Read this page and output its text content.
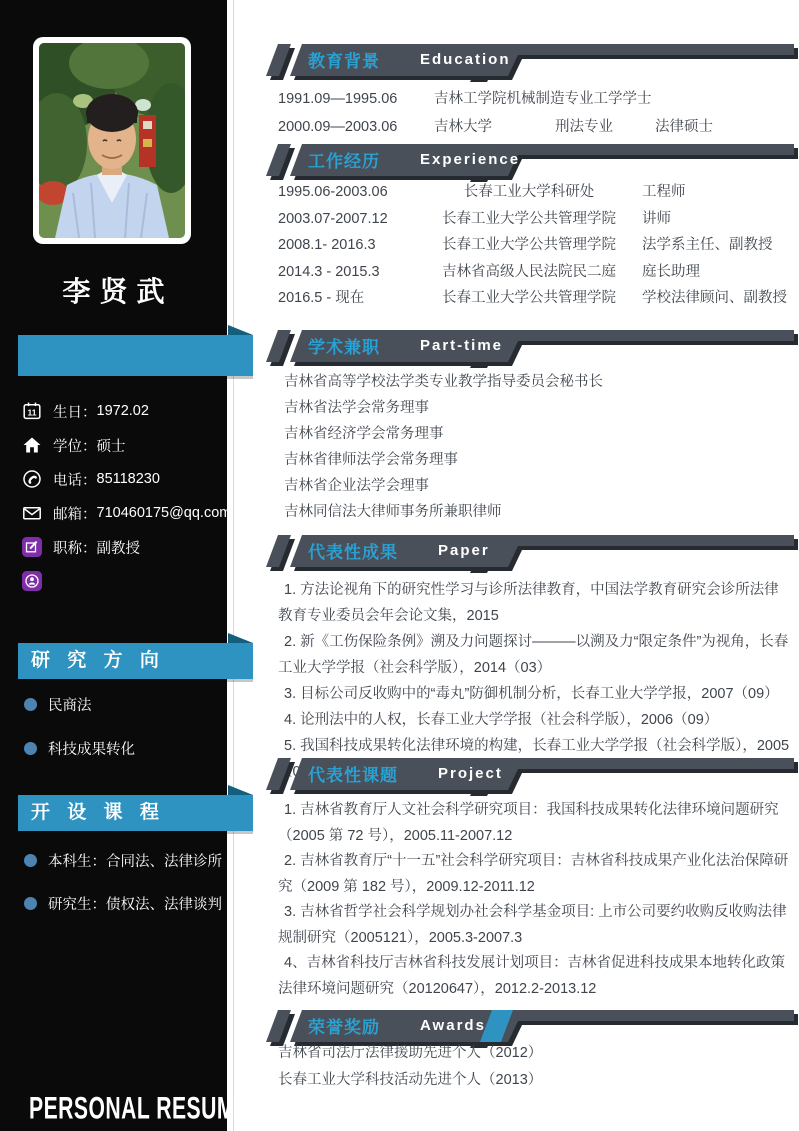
李贤武
11 生日： 1972.02
学位： 硕士
电话： 85118230
邮箱： 710460175@qq.com
职称： 副教授
研 究 方 向
民商法
科技成果转化
开 设 课 程
本科生：合同法、法律诊所
研究生：债权法、法律谈判
PERSONAL RESUME
教育背景	Education
1991.09—1995.06	吉林工学院机械制造专业工学学士
2000.09—2003.06	吉林大学	刑法专业	法律硕士
工作经历	Experience
1995.06-2003.06	长春工业大学科研处	工程师
2003.07-2007.12	长春工业大学公共管理学院	讲师
2008.1- 2016.3	长春工业大学公共管理学院	法学系主任、副教授
2014.3 - 2015.3	吉林省高级人民法院民二庭	庭长助理
2016.5 - 现在	长春工业大学公共管理学院	学校法律顾问、副教授
学术兼职	Part-time

吉林省高等学校法学类专业教学指导委员会秘书长

吉林省法学会常务理事

吉林省经济学会常务理事

吉林省律师法学会常务理事

吉林省企业法学会理事

吉林同信法大律师事务所兼职律师

代表性成果	Paper

1. 方法论视角下的研究性学习与诊所法律教育，中国法学教育研究会诊所法律教育专业委员会年会论文集，2015

2. 新《工伤保险条例》溯及力问题探讨———以溯及力“限定条件”为视角，长春工业大学学报（社会科学版），2014（03）

3. 目标公司反收购中的“毒丸”防御机制分析，长春工业大学学报，2007（09）

4. 论刑法中的人权，长春工业大学学报（社会科学版），2006（09）

5. 我国科技成果转化法律环境的构建，长春工业大学学报（社会科学版），2005 0 代表性课题	Project

1. 吉林省教育厅人文社会科学研究项目：我国科技成果转化法律环境问题研究（2005 第 72 号），2005.11-2007.12

2. 吉林省教育厅“十一五”社会科学研究项目：吉林省科技成果产业化法治保障研究（2009 第 182 号），2009.12-2011.12

3. 吉林省哲学社会科学规划办社会科学基金项目: 上市公司要约收购反收购法律规制研究（2005121），2005.3-2007.3

4、吉林省科技厅吉林省科技发展计划项目：吉林省促进科技成果本地转化政策法律环境问题研究（20120647），2012.2-2013.12

荣誉奖励	Awards

吉林省司法厅法律援助先进个人（2012）

长春工业大学科技活动先进个人（2013）
